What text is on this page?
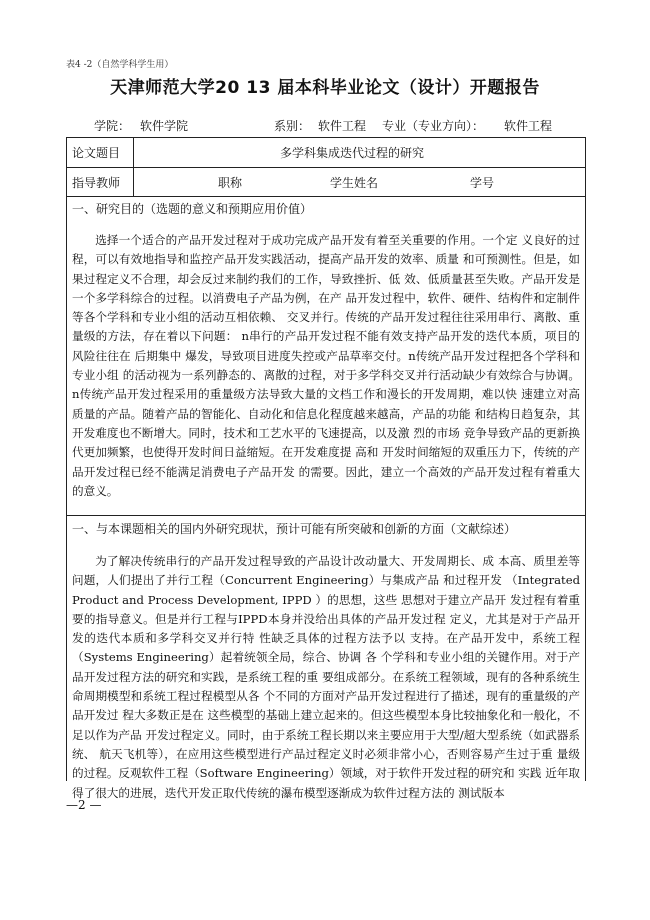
表4 -2（自然学科学生用）
天津师范大学20 13 届本科毕业论文（设计）开题报告
学院： 软件学院	系别： 软件工程 专业（专业方向）： 软件工程
论文题目	多学科集成迭代过程的研究
指导教师	职称	学生姓名	学号
一、研究目的（选题的意义和预期应用价值）
选择一个适合的产品开发过程对于成功完成产品开发有着至关重要的作用。一个定 义良好的过程，可以有效地指导和监控产品开发实践活动，提高产品开发的效率、质量 和可预测性。但是，如果过程定义不合理，却会反过来制约我们的工作，导致挫折、低 效、低质量甚至失败。产品开发是一个多学科综合的过程。以消费电子产品为例，在产 品开发过程中，软件、硬件、结构件和定制件等各个学科和专业小组的活动互相依赖、 交叉并行。传统的产品开发过程往往采用串行、离散、重量级的方法，存在着以下问题： n串行的产品开发过程不能有效支持产品开发的迭代本质，项目的风险往往在 后期集中 爆发，导致项目进度失控或产品草率交付。n传统产品开发过程把各个学科和专业小组 的活动视为一系列静态的、离散的过程，对于多学科交叉并行活动缺少有效综合与协调。 n传统产品开发过程采用的重量级方法导致大量的文档工作和漫长的开发周期，难以快 速建立对高质量的产品。随着产品的智能化、自动化和信息化程度越来越高，产品的功能 和结构日趋复杂，其开发难度也不断增大。同时，技术和工艺水平的飞速提高，以及激 烈的市场 竞争导致产品的更新换代更加频繁，也使得开发时间日益缩短。在开发难度提 高和 开发时间缩短的双重压力下，传统的产品开发过程已经不能满足消费电子产品开发 的需要。因此，建立一个高效的产品开发过程有着重大的意义。
一、与本课题相关的国内外研究现状，预计可能有所突破和创新的方面（文献综述）
为了解决传统串行的产品开发过程导致的产品设计改动量大、开发周期长、成 本高、质里差等问题，人们提出了并行工程（Concurrent Engineering）与集成产品 和过程开发 （Integrated Product and Process Development, IPPD ）的思想，这些 思想对于建立产品开 发过程有着重要的指导意义。但是并行工程与IPPD本身并没给出具体的产品开发过程 定义，尤其是对于产品开发的迭代本质和多学科交叉并行特 性缺乏具体的过程方法予以 支持。在产品开发中，系统工程（Systems Engineering）起着统领全局，综合、协调 各 个学科和专业小组的关键作用。对于产品开发过程方法的研究和实践，是系统工程的重 要组成部分。在系统工程领域，现有的各种系统生命周期模型和系统工程过程模型从各 个不同的方面对产品开发过程进行了描述，现有的重量级的产品开发过 程大多数正是在 这些模型的基础上建立起来的。但这些模型本身比较抽象化和一般化，不足以作为产品 开发过程定义。同时，由于系统工程长期以来主要应用于大型/超大型系统（如武器系统、 航天飞机等），在应用这些模型进行产品过程定义时必须非常小心，否则容易产生过于重 量级的过程。反观软件工程（Software Engineering）领域，对于软件开发过程的研究和 实践 近年取得了很大的进展，迭代开发正取代传统的瀑布模型逐渐成为软件过程方法的 测试版本
—2 —
